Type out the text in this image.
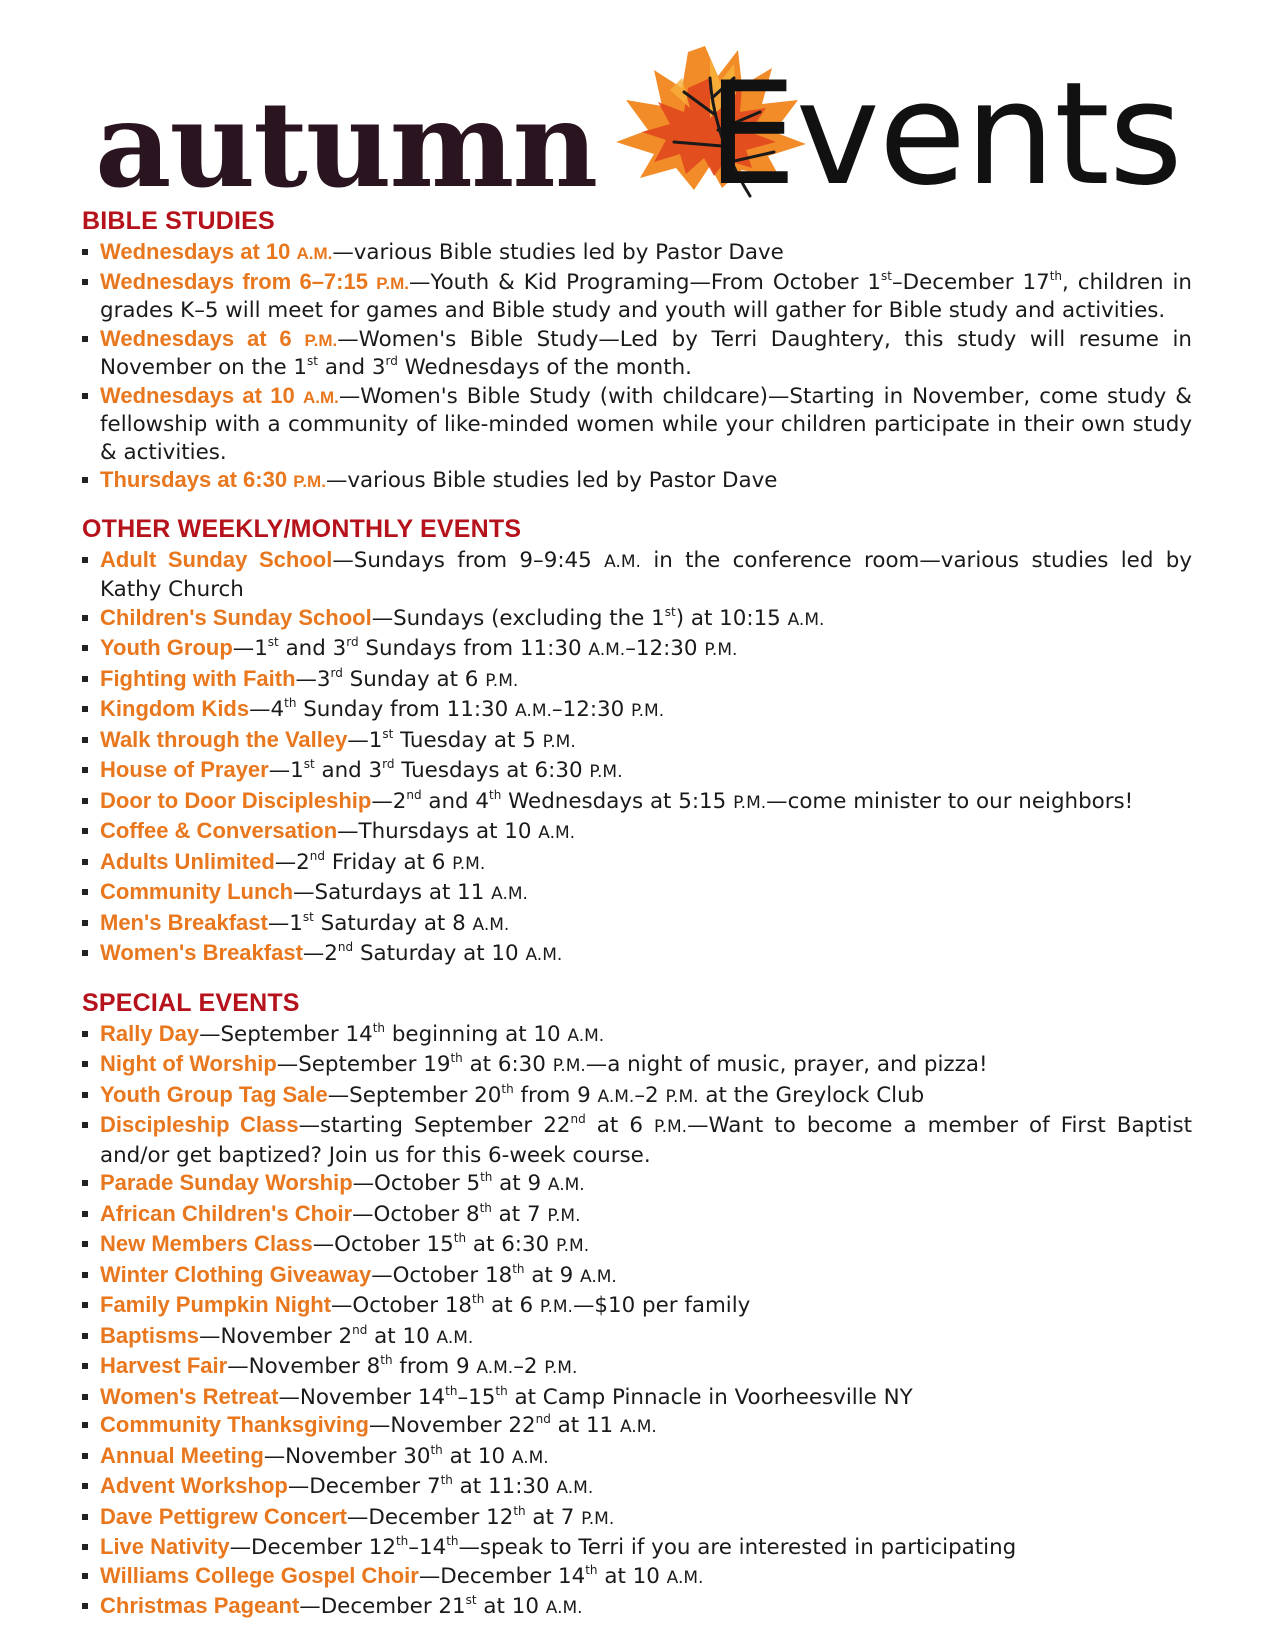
autumn Events
BIBLE STUDIES
Wednesdays at 10 A.M.—various Bible studies led by Pastor Dave
Wednesdays from 6–7:15 P.M.—Youth & Kid Programing—From October 1st–December 17th, children in grades K–5 will meet for games and Bible study and youth will gather for Bible study and activities.
Wednesdays at 6 P.M.—Women's Bible Study—Led by Terri Daughtery, this study will resume in November on the 1st and 3rd Wednesdays of the month.
Wednesdays at 10 A.M.—Women's Bible Study (with childcare)—Starting in November, come study & fellowship with a community of like-minded women while your children participate in their own study & activities.
Thursdays at 6:30 P.M.—various Bible studies led by Pastor Dave
OTHER WEEKLY/MONTHLY EVENTS
Adult Sunday School—Sundays from 9–9:45 A.M. in the conference room—various studies led by Kathy Church
Children's Sunday School—Sundays (excluding the 1st) at 10:15 A.M.
Youth Group—1st and 3rd Sundays from 11:30 A.M.–12:30 P.M.
Fighting with Faith—3rd Sunday at 6 P.M.
Kingdom Kids—4th Sunday from 11:30 A.M.–12:30 P.M.
Walk through the Valley—1st Tuesday at 5 P.M.
House of Prayer—1st and 3rd Tuesdays at 6:30 P.M.
Door to Door Discipleship—2nd and 4th Wednesdays at 5:15 P.M.—come minister to our neighbors!
Coffee & Conversation—Thursdays at 10 A.M.
Adults Unlimited—2nd Friday at 6 P.M.
Community Lunch—Saturdays at 11 A.M.
Men's Breakfast—1st Saturday at 8 A.M.
Women's Breakfast—2nd Saturday at 10 A.M.
SPECIAL EVENTS
Rally Day—September 14th beginning at 10 A.M.
Night of Worship—September 19th at 6:30 P.M.—a night of music, prayer, and pizza!
Youth Group Tag Sale—September 20th from 9 A.M.–2 P.M. at the Greylock Club
Discipleship Class—starting September 22nd at 6 P.M.—Want to become a member of First Baptist and/or get baptized? Join us for this 6-week course.
Parade Sunday Worship—October 5th at 9 A.M.
African Children's Choir—October 8th at 7 P.M.
New Members Class—October 15th at 6:30 P.M.
Winter Clothing Giveaway—October 18th at 9 A.M.
Family Pumpkin Night—October 18th at 6 P.M.—$10 per family
Baptisms—November 2nd at 10 A.M.
Harvest Fair—November 8th from 9 A.M.–2 P.M.
Women's Retreat—November 14th–15th at Camp Pinnacle in Voorheesville NY
Community Thanksgiving—November 22nd at 11 A.M.
Annual Meeting—November 30th at 10 A.M.
Advent Workshop—December 7th at 11:30 A.M.
Dave Pettigrew Concert—December 12th at 7 P.M.
Live Nativity—December 12th–14th—speak to Terri if you are interested in participating
Williams College Gospel Choir—December 14th at 10 A.M.
Christmas Pageant—December 21st at 10 A.M.
